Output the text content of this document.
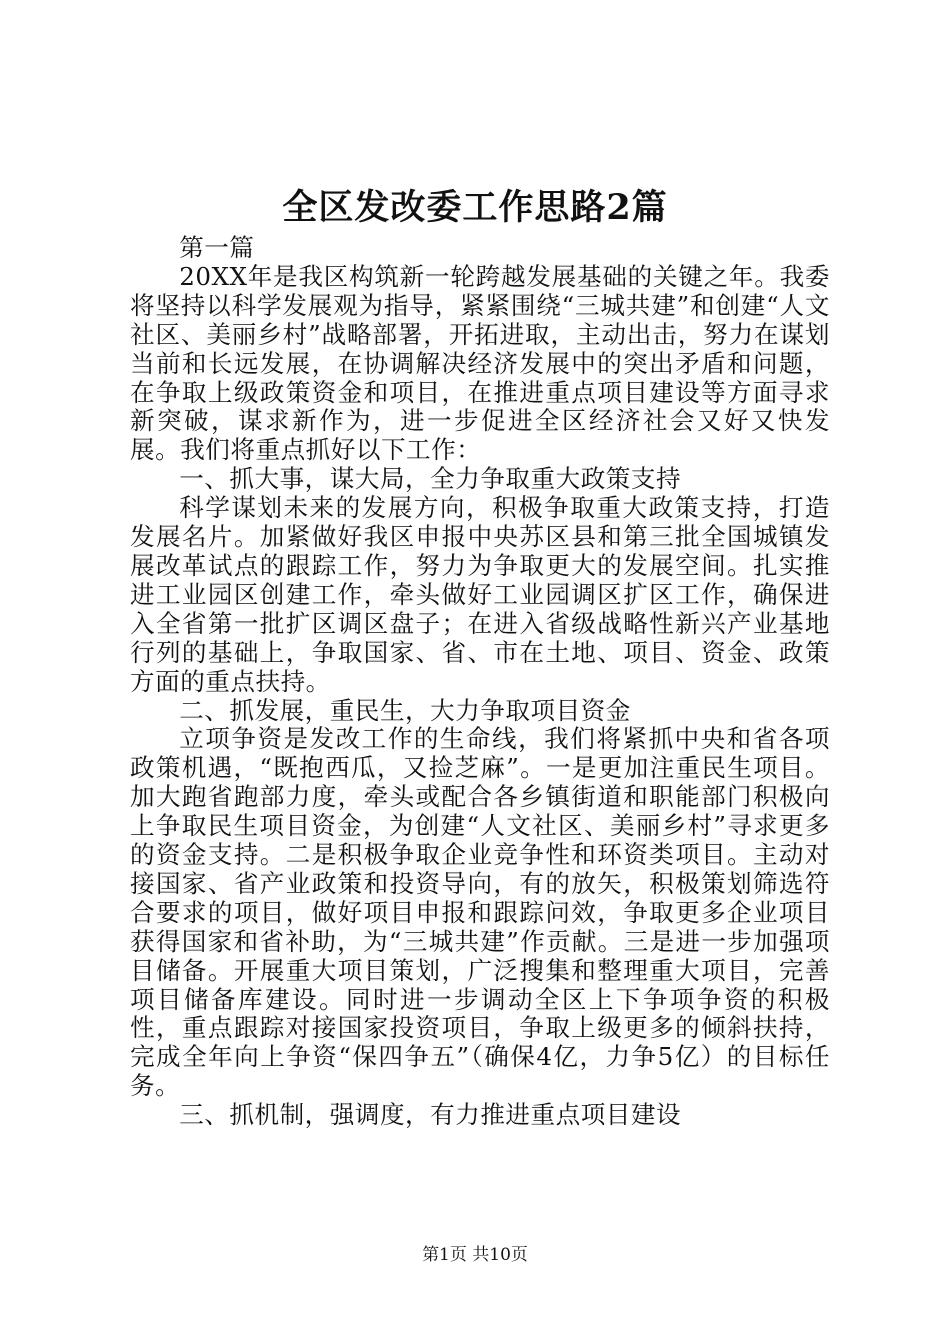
全区发改委工作思路2篇

第一篇

20XX年是我区构筑新一轮跨越发展基础的关键之年。我委将坚持以科学发展观为指导，紧紧围绕“三城共建”和创建“人文社区、美丽乡村”战略部署，开拓进取，主动出击，努力在谋划当前和长远发展，在协调解决经济发展中的突出矛盾和问题，在争取上级政策资金和项目，在推进重点项目建设等方面寻求新突破，谋求新作为，进一步促进全区经济社会又好又快发展。我们将重点抓好以下工作：

一、抓大事，谋大局，全力争取重大政策支持

科学谋划未来的发展方向，积极争取重大政策支持，打造发展名片。加紧做好我区申报中央苏区县和第三批全国城镇发展改革试点的跟踪工作，努力为争取更大的发展空间。扎实推进工业园区创建工作，牵头做好工业园调区扩区工作，确保进入全省第一批扩区调区盘子；在进入省级战略性新兴产业基地行列的基础上，争取国家、省、市在土地、项目、资金、政策方面的重点扶持。

二、抓发展，重民生，大力争取项目资金

立项争资是发改工作的生命线，我们将紧抓中央和省各项政策机遇，“既抱西瓜，又捡芝麻”。一是更加注重民生项目。加大跑省跑部力度，牵头或配合各乡镇街道和职能部门积极向上争取民生项目资金，为创建“人文社区、美丽乡村”寻求更多的资金支持。二是积极争取企业竞争性和环资类项目。主动对接国家、省产业政策和投资导向，有的放矢，积极策划筛选符合要求的项目，做好项目申报和跟踪问效，争取更多企业项目获得国家和省补助，为“三城共建”作贡献。三是进一步加强项目储备。开展重大项目策划，广泛搜集和整理重大项目，完善项目储备库建设。同时进一步调动全区上下争项争资的积极性，重点跟踪对接国家投资项目，争取上级更多的倾斜扶持，完成全年向上争资“保四争五”（确保4亿，力争5亿）的目标任务。

三、抓机制，强调度，有力推进重点项目建设

第1页 共10页
